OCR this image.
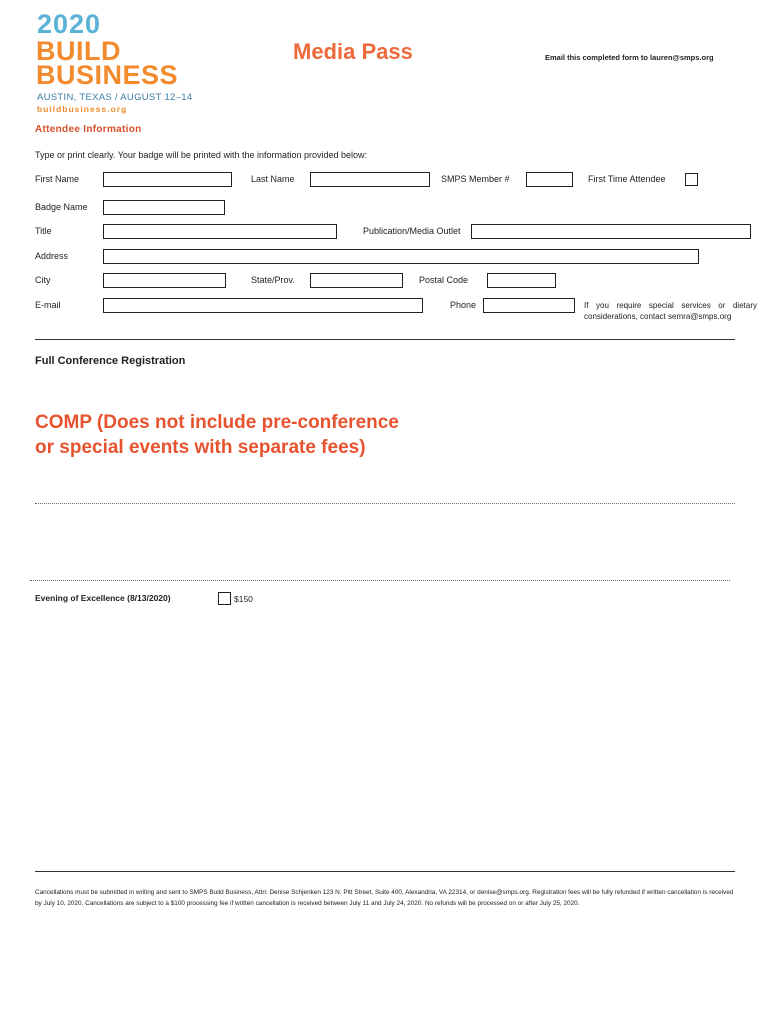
2020
BUILD
BUSINESS
AUSTIN, TEXAS / AUGUST 12–14
buildbusiness.org
Media Pass	Email this completed form to lauren@smps.org
Attendee Information
Type or print clearly. Your badge will be printed with the information provided below:
First Name	Last Name	SMPS Member #	First Time Attendee
Badge Name
Title	Publication/Media Outlet
Address
City	State/Prov.	Postal Code
E-mail	Phone	If you require special services or dietary considerations, contact semra@smps.org
Full Conference Registration
COMP (Does not include pre-conference
or special events with separate fees)
Evening of Excellence (8/13/2020)	$150
Cancellations must be submitted in writing and sent to SMPS Build Business, Attn: Denise Schjenken 123 N. Pitt Street, Suite 400, Alexandria, VA 22314, or denise@smps.org. Registration fees will be fully refunded if written cancellation is received by July 10, 2020. Cancellations are subject to a $100 processing fee if written cancellation is received between July 11 and July 24, 2020. No refunds will be processed on or after July 25, 2020.
